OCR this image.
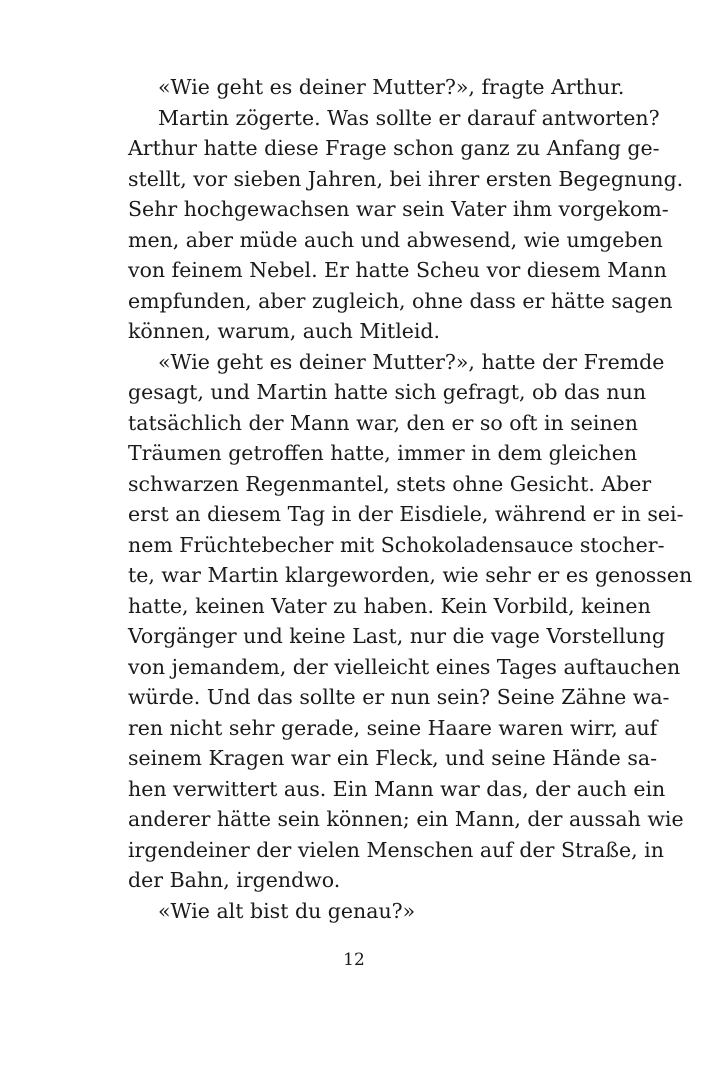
«Wie geht es deiner Mutter?», fragte Arthur.
Martin zögerte. Was sollte er darauf antworten?
Arthur hatte diese Frage schon ganz zu Anfang ge-
stellt, vor sieben Jahren, bei ihrer ersten Begegnung.
Sehr hochgewachsen war sein Vater ihm vorgekom-
men, aber müde auch und abwesend, wie umgeben
von feinem Nebel. Er hatte Scheu vor diesem Mann
empfunden, aber zugleich, ohne dass er hätte sagen
können, warum, auch Mitleid.
«Wie geht es deiner Mutter?», hatte der Fremde
gesagt, und Martin hatte sich gefragt, ob das nun
tatsächlich der Mann war, den er so oft in seinen
Träumen getroffen hatte, immer in dem gleichen
schwarzen Regenmantel, stets ohne Gesicht. Aber
erst an diesem Tag in der Eisdiele, während er in sei-
nem Früchtebecher mit Schokoladensauce stocher-
te, war Martin klargeworden, wie sehr er es genossen
hatte, keinen Vater zu haben. Kein Vorbild, keinen
Vorgänger und keine Last, nur die vage Vorstellung
von jemandem, der vielleicht eines Tages auftauchen
würde. Und das sollte er nun sein? Seine Zähne wa-
ren nicht sehr gerade, seine Haare waren wirr, auf
seinem Kragen war ein Fleck, und seine Hände sa-
hen verwittert aus. Ein Mann war das, der auch ein
anderer hätte sein können; ein Mann, der aussah wie
irgendeiner der vielen Menschen auf der Straße, in
der Bahn, irgendwo.
«Wie alt bist du genau?»
12
